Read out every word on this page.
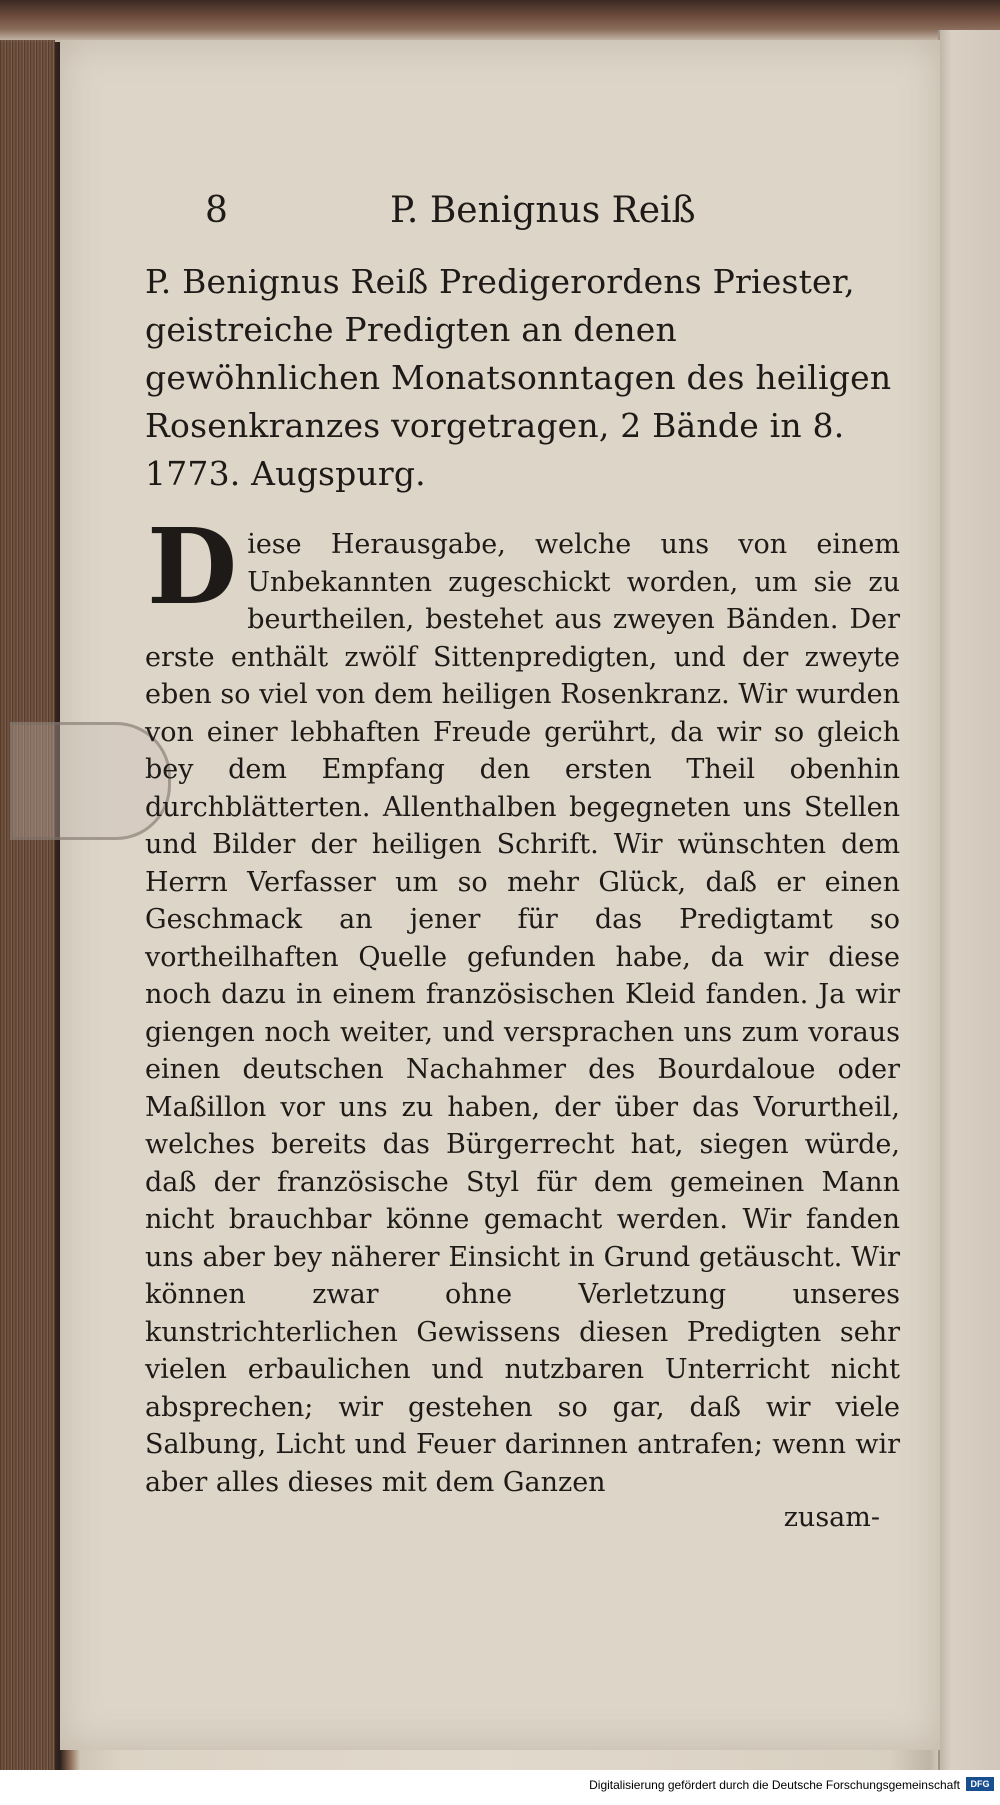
8	P. Benignus Reiß
P. Benignus Reiß Predigerordens Priester, geistreiche Predigten an denen gewöhnlichen Monatsonntagen des heiligen Rosenkranzes vorgetragen, 2 Bände in 8. 1773. Augspurg.
D iese Herausgabe, welche uns von einem Unbekannten zugeschickt worden, um sie zu beurtheilen, bestehet aus zweyen Bänden. Der erste enthält zwölf Sittenpredigten, und der zweyte eben so viel von dem heiligen Rosenkranz. Wir wurden von einer lebhaften Freude gerührt, da wir so gleich bey dem Empfang den ersten Theil obenhin durchblätterten. Allenthalben begegneten uns Stellen und Bilder der heiligen Schrift. Wir wünschten dem Herrn Verfasser um so mehr Glück, daß er einen Geschmack an jener für das Predigtamt so vortheilhaften Quelle gefunden habe, da wir diese noch dazu in einem französischen Kleid fanden. Ja wir giengen noch weiter, und versprachen uns zum voraus einen deutschen Nachahmer des Bourdaloue oder Maßillon vor uns zu haben, der über das Vorurtheil, welches bereits das Bürgerrecht hat, siegen würde, daß der französische Styl für dem gemeinen Mann nicht brauchbar könne gemacht werden. Wir fanden uns aber bey näherer Einsicht in Grund getäuscht. Wir können zwar ohne Verletzung unseres kunstrichterlichen Gewissens diesen Predigten sehr vielen erbaulichen und nutzbaren Unterricht nicht absprechen; wir gestehen so gar, daß wir viele Salbung, Licht und Feuer darinnen antrafen; wenn wir aber alles dieses mit dem Ganzen
zusam-
Digitalisierung gefördert durch die Deutsche Forschungsgemeinschaft	DFG
